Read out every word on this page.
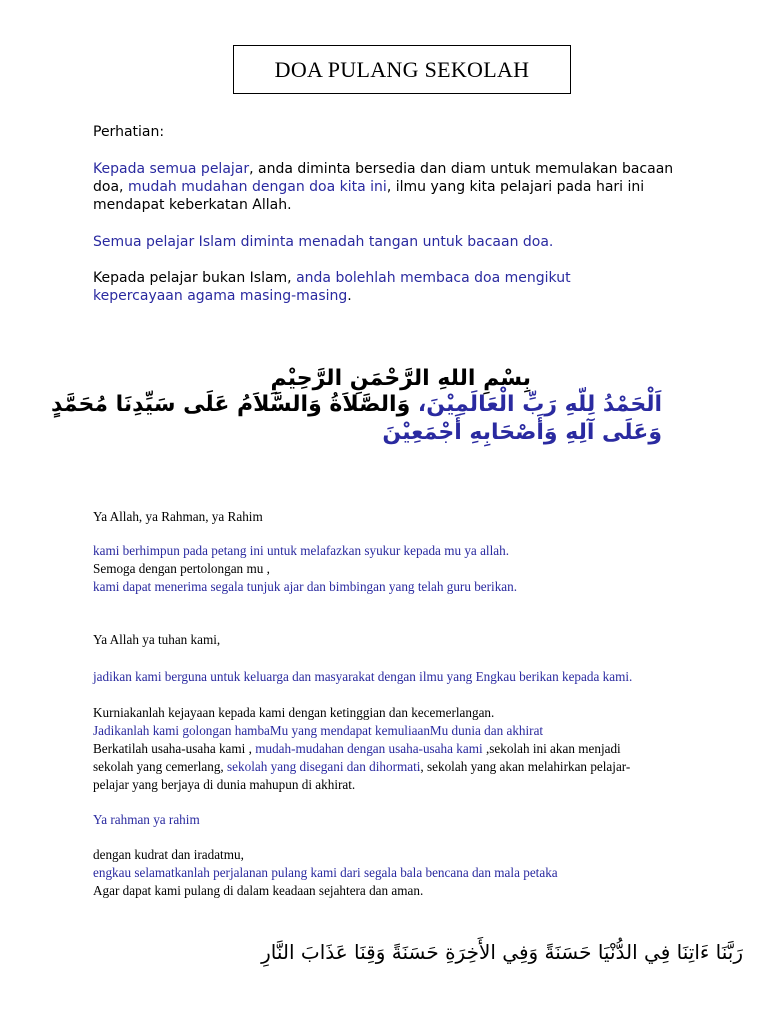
DOA PULANG SEKOLAH

Perhatian:

Kepada semua pelajar, anda diminta bersedia dan diam untuk memulakan bacaan doa, mudah mudahan dengan doa kita ini, ilmu yang kita pelajari pada hari ini mendapat keberkatan Allah.

Semua pelajar Islam diminta menadah tangan untuk bacaan doa.

Kepada pelajar bukan Islam, anda bolehlah membaca doa mengikut kepercayaan agama masing-masing.

بِسْمِ اللهِ الرَّحْمَنِ الرَّحِيْمِ
اَلْحَمْدُ لِلّهِ رَبِّ الْعَالَمِيْنَ، وَالصَّلاَةُ وَالسَّلاَمُ عَلَى سَيِّدِنَا مُحَمَّدٍ
وَعَلَى آلِهِ وَأَصْحَابِهِ أَجْمَعِيْنَ

Ya Allah, ya Rahman, ya Rahim

kami berhimpun pada petang ini untuk melafazkan syukur kepada mu ya allah.

Semoga dengan pertolongan mu ,

kami dapat menerima segala tunjuk ajar dan bimbingan yang telah guru berikan.

Ya Allah ya tuhan kami,

jadikan kami berguna untuk keluarga dan masyarakat dengan ilmu yang Engkau berikan kepada kami.

Kurniakanlah kejayaan kepada kami dengan ketinggian dan kecemerlangan.

Jadikanlah kami golongan hambaMu yang mendapat kemuliaanMu dunia dan akhirat

Berkatilah usaha-usaha kami , mudah-mudahan dengan usaha-usaha kami ,sekolah ini akan menjadi sekolah yang cemerlang, sekolah yang disegani dan dihormati, sekolah yang akan melahirkan pelajar-pelajar yang berjaya di dunia mahupun di akhirat.

Ya rahman ya rahim

dengan kudrat dan iradatmu,

engkau selamatkanlah perjalanan pulang kami dari segala bala bencana dan mala petaka

Agar dapat kami pulang di dalam keadaan sejahtera dan aman.

رَبَّنَا ءَاتِنَا فِي الدُّنْيَا حَسَنَةً وَفِي الأَخِرَةِ حَسَنَةً وَقِنَا عَذَابَ النَّارِ
